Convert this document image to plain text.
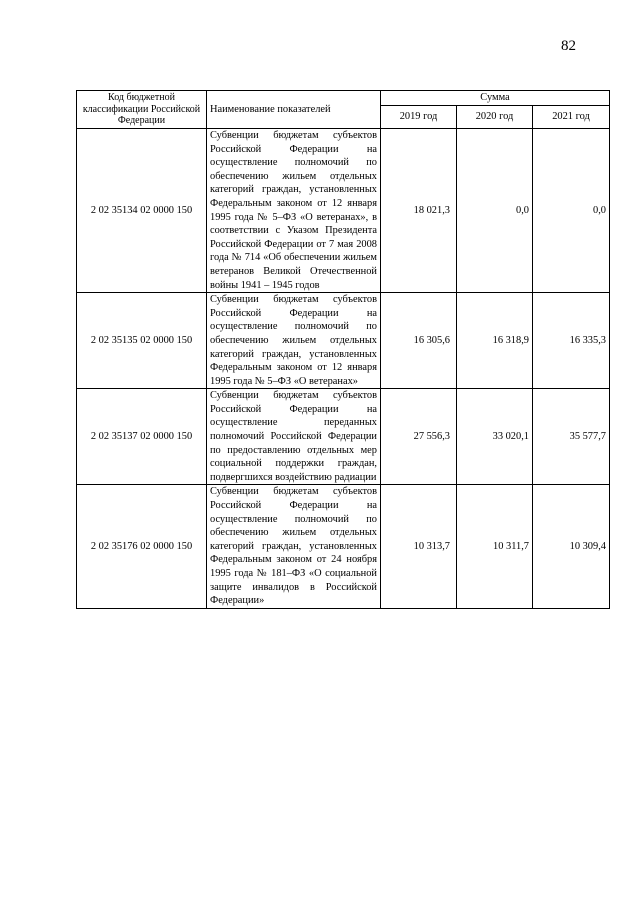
82
Код бюджетной классификации Российской Федерации	Наименование показателей	Сумма		
		2019 год	2020 год	2021 год
2 02 35134 02 0000 150	Субвенции бюджетам субъектов Российской Федерации на осуществление полномочий по обеспечению жильем отдельных категорий граждан, установленных Федеральным законом от 12 января 1995 года № 5–ФЗ «О ветеранах», в соответствии с Указом Президента Российской Федерации от 7 мая 2008 года № 714 «Об обеспечении жильем ветеранов Великой Отечественной войны 1941 – 1945 годов	18 021,3	0,0	0,0
2 02 35135 02 0000 150	Субвенции бюджетам субъектов Российской Федерации на осуществление полномочий по обеспечению жильем отдельных категорий граждан, установленных Федеральным законом от 12 января 1995 года № 5–ФЗ «О ветеранах»	16 305,6	16 318,9	16 335,3
2 02 35137 02 0000 150	Субвенции бюджетам субъектов Российской Федерации на осуществление переданных полномочий Российской Федерации по предоставлению отдельных мер социальной поддержки граждан, подвергшихся воздействию радиации	27 556,3	33 020,1	35 577,7
2 02 35176 02 0000 150	Субвенции бюджетам субъектов Российской Федерации на осуществление полномочий по обеспечению жильем отдельных категорий граждан, установленных Федеральным законом от 24 ноября 1995 года № 181–ФЗ «О социальной защите инвалидов в Российской Федерации»	10 313,7	10 311,7	10 309,4
